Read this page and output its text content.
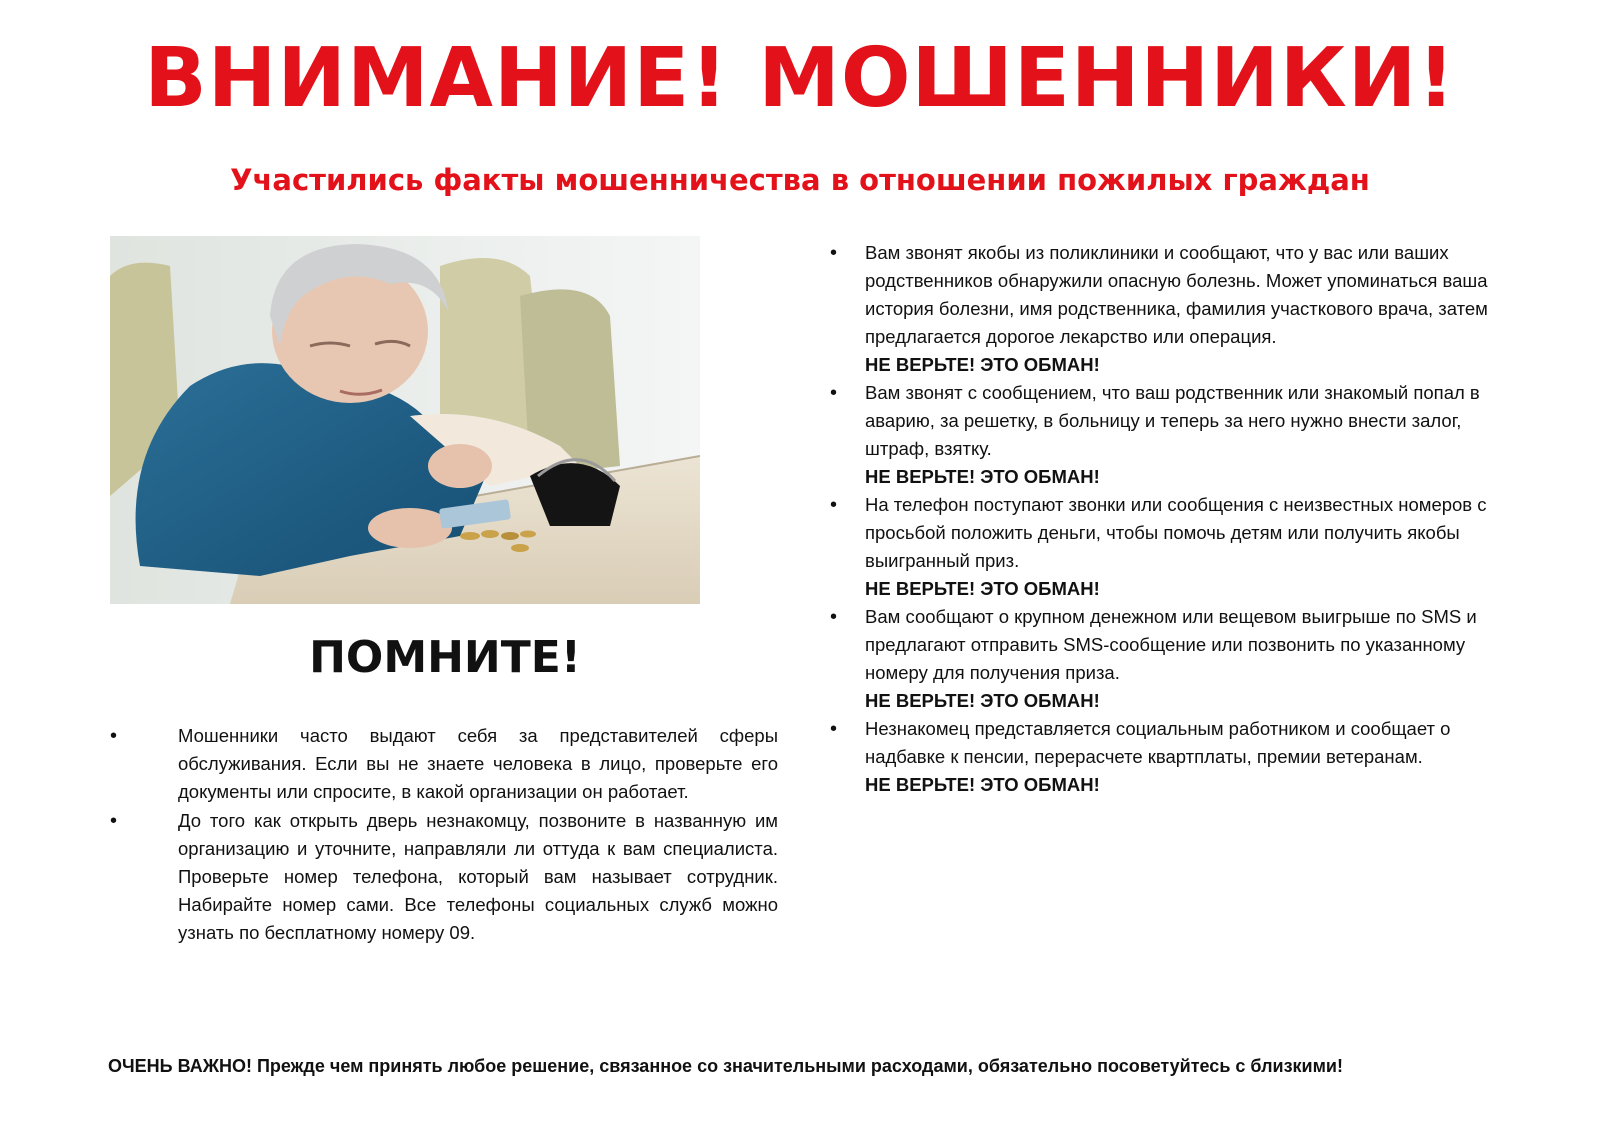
ВНИМАНИЕ! МОШЕННИКИ!
Участились факты мошенничества в отношении пожилых граждан
ПОМНИТЕ!
•	Мошенники часто выдают себя за представителей сферы обслуживания. Если вы не знаете человека в лицо, проверьте его документы или спросите, в какой организации он работает.
•	До того как открыть дверь незнакомцу, позвоните в названную им организацию и уточните, направляли ли оттуда к вам специалиста. Проверьте номер телефона, который вам называет сотрудник. Набирайте номер сами. Все телефоны социальных служб можно узнать по бесплатному номеру 09.
• Вам звонят якобы из поликлиники и сообщают, что у вас или ваших родственников обнаружили опасную болезнь. Может упоминаться ваша история болезни, имя родственника, фамилия участкового врача, затем предлагается дорогое лекарство или операция.
НЕ ВЕРЬТЕ! ЭТО ОБМАН!
• Вам звонят с сообщением, что ваш родственник или знакомый попал в аварию, за решетку, в больницу и теперь за него нужно внести залог, штраф, взятку.
НЕ ВЕРЬТЕ! ЭТО ОБМАН!
• На телефон поступают звонки или сообщения с неизвестных номеров с просьбой положить деньги, чтобы помочь детям или получить якобы выигранный приз.
НЕ ВЕРЬТЕ! ЭТО ОБМАН!
• Вам сообщают о крупном денежном или вещевом выигрыше по SMS и предлагают отправить SMS-сообщение или позвонить по указанному номеру для получения приза.
НЕ ВЕРЬТЕ! ЭТО ОБМАН!
• Незнакомец представляется социальным работником и сообщает о надбавке к пенсии, перерасчете квартплаты, премии ветеранам.
НЕ ВЕРЬТЕ! ЭТО ОБМАН!
ОЧЕНЬ ВАЖНО! Прежде чем принять любое решение, связанное со значительными расходами, обязательно посоветуйтесь с близкими!
